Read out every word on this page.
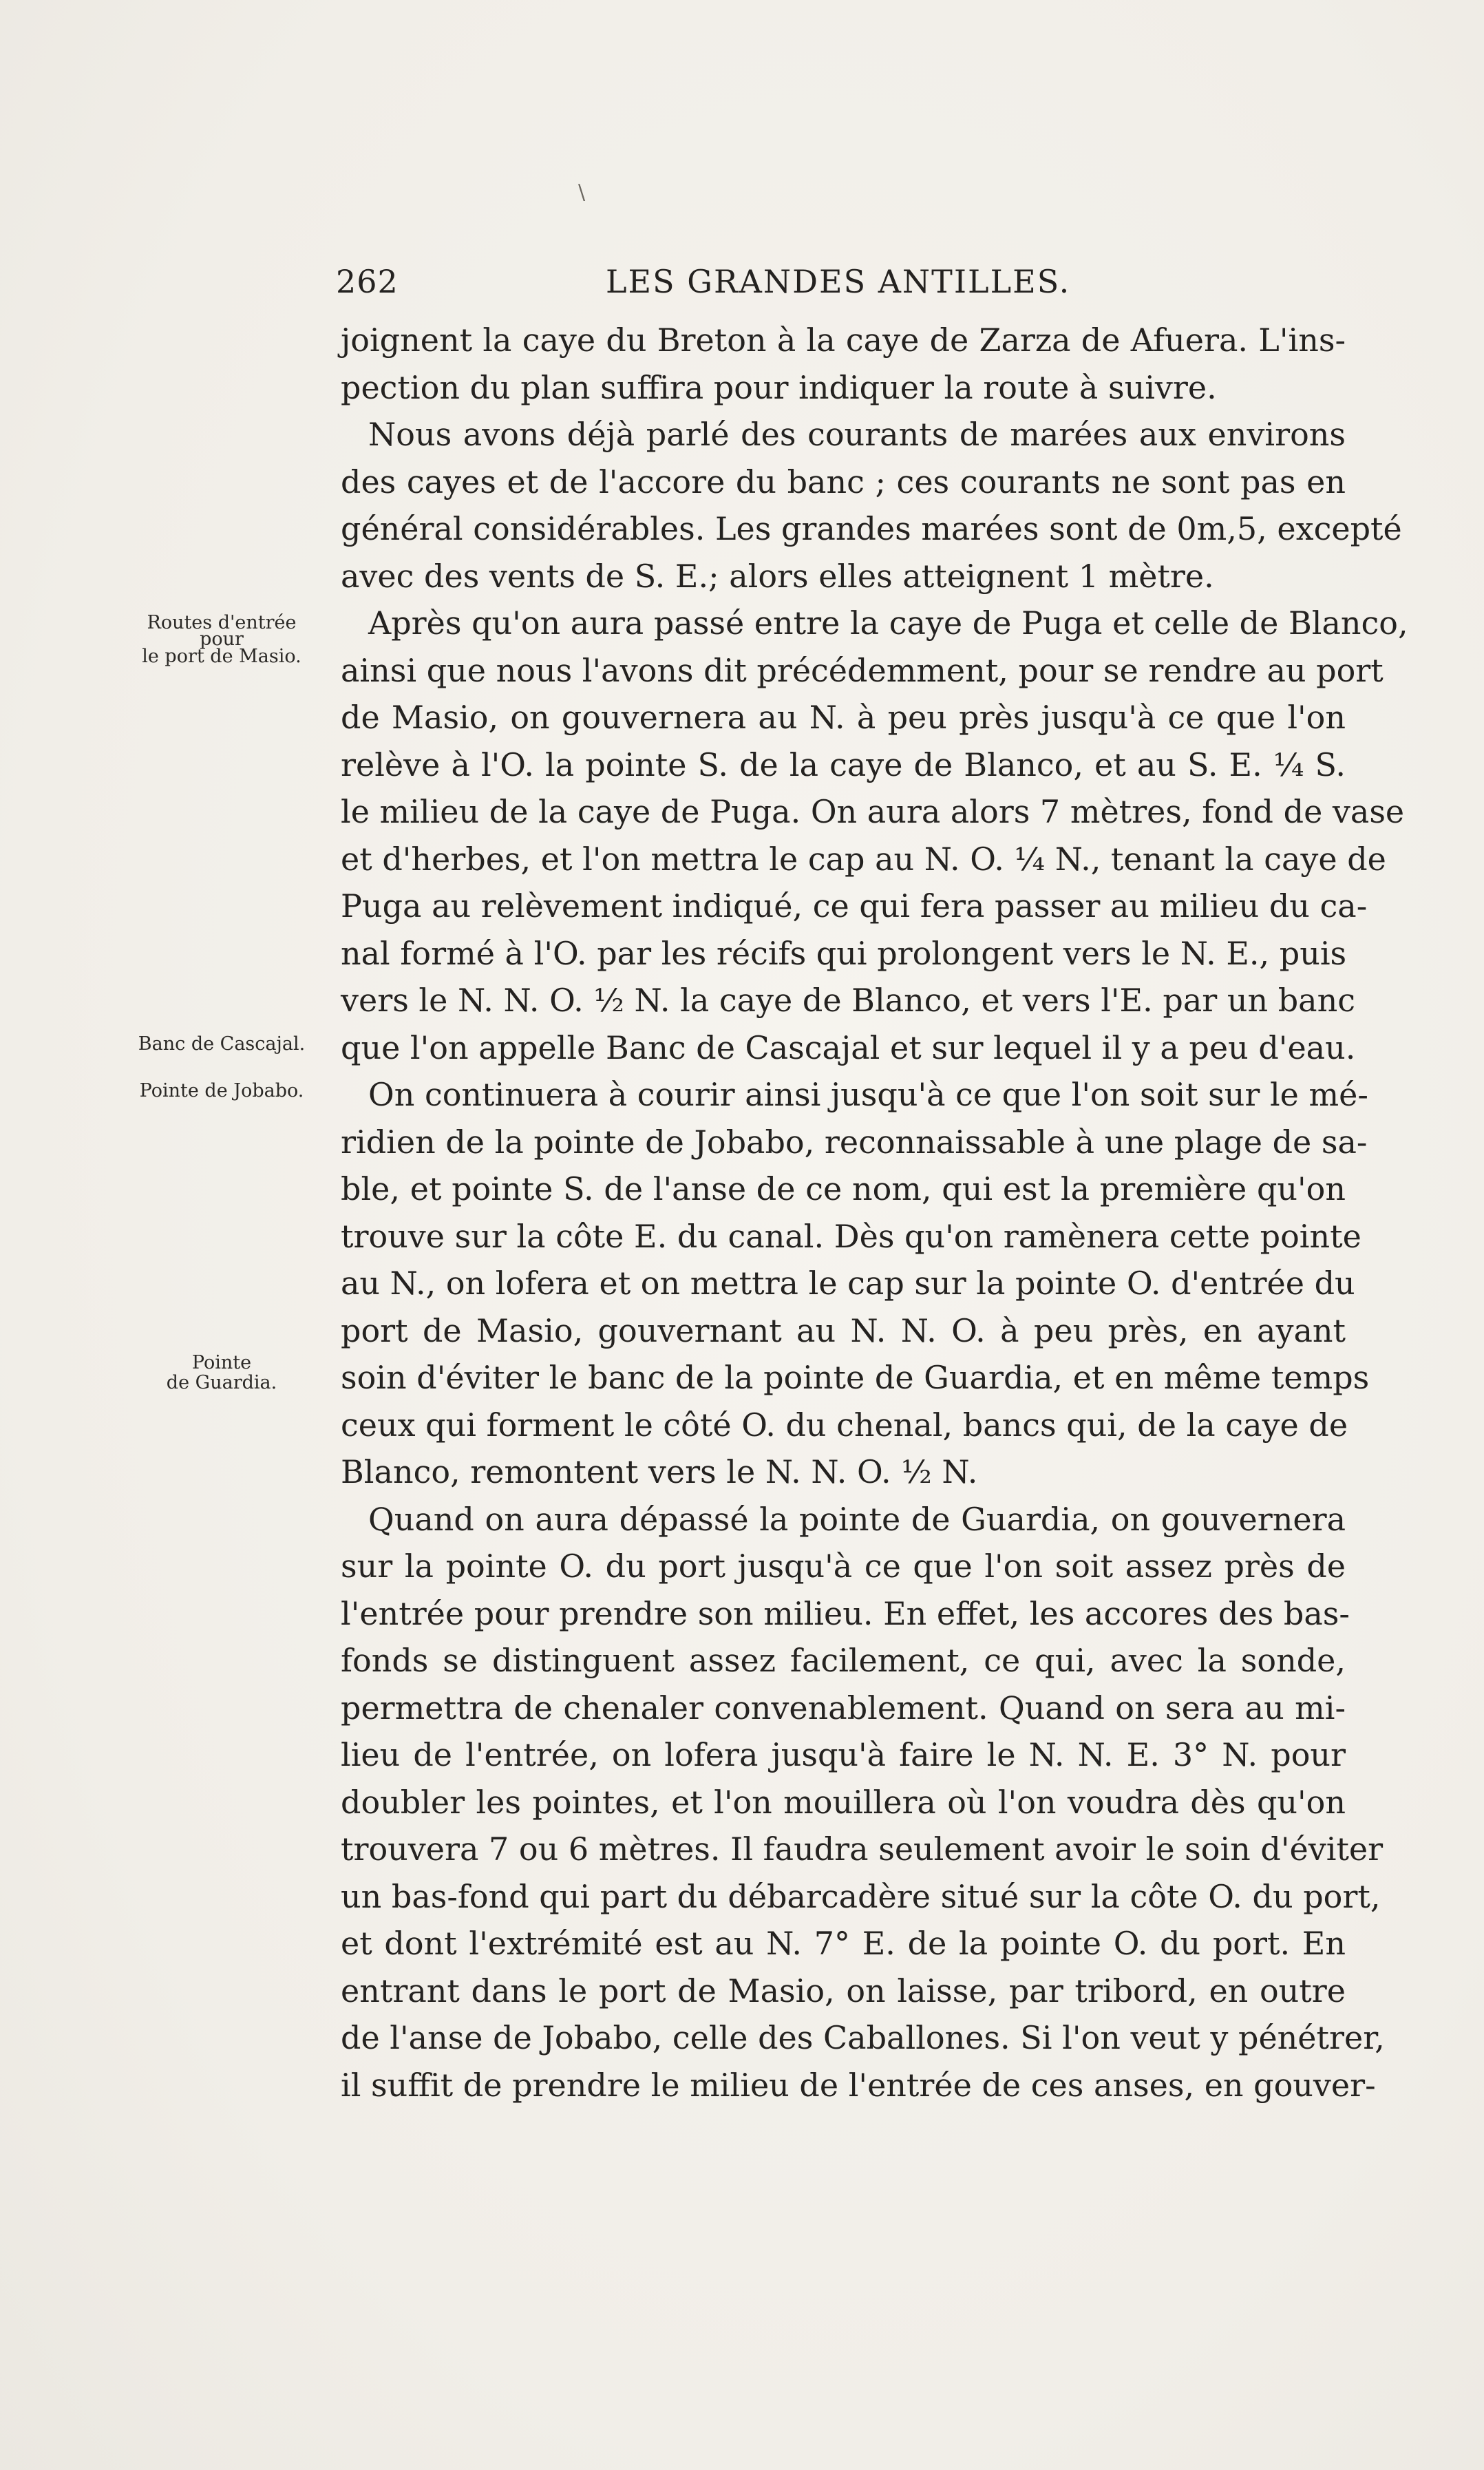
\
262	LES GRANDES ANTILLES.
Routes d'entrée
pour
le port de Masio.
Banc de Cascajal.
Pointe de Jobabo.
Pointe
de Guardia.
joignent la caye du Breton à la caye de Zarza de Afuera. L'ins-
pection du plan suffira pour indiquer la route à suivre.
Nous avons déjà parlé des courants de marées aux environs
des cayes et de l'accore du banc ; ces courants ne sont pas en
général considérables. Les grandes marées sont de 0m,5, excepté
avec des vents de S. E.; alors elles atteignent 1 mètre.
Après qu'on aura passé entre la caye de Puga et celle de Blanco,
ainsi que nous l'avons dit précédemment, pour se rendre au port
de Masio, on gouvernera au N. à peu près jusqu'à ce que l'on
relève à l'O. la pointe S. de la caye de Blanco, et au S. E. ¼ S.
le milieu de la caye de Puga. On aura alors 7 mètres, fond de vase
et d'herbes, et l'on mettra le cap au N. O. ¼ N., tenant la caye de
Puga au relèvement indiqué, ce qui fera passer au milieu du ca-
nal formé à l'O. par les récifs qui prolongent vers le N. E., puis
vers le N. N. O. ½ N. la caye de Blanco, et vers l'E. par un banc
que l'on appelle Banc de Cascajal et sur lequel il y a peu d'eau.
On continuera à courir ainsi jusqu'à ce que l'on soit sur le mé-
ridien de la pointe de Jobabo, reconnaissable à une plage de sa-
ble, et pointe S. de l'anse de ce nom, qui est la première qu'on
trouve sur la côte E. du canal. Dès qu'on ramènera cette pointe
au N., on lofera et on mettra le cap sur la pointe O. d'entrée du
port de Masio, gouvernant au N. N. O. à peu près, en ayant
soin d'éviter le banc de la pointe de Guardia, et en même temps
ceux qui forment le côté O. du chenal, bancs qui, de la caye de
Blanco, remontent vers le N. N. O. ½ N.
Quand on aura dépassé la pointe de Guardia, on gouvernera
sur la pointe O. du port jusqu'à ce que l'on soit assez près de
l'entrée pour prendre son milieu. En effet, les accores des bas-
fonds se distinguent assez facilement, ce qui, avec la sonde,
permettra de chenaler convenablement. Quand on sera au mi-
lieu de l'entrée, on lofera jusqu'à faire le N. N. E. 3° N. pour
doubler les pointes, et l'on mouillera où l'on voudra dès qu'on
trouvera 7 ou 6 mètres. Il faudra seulement avoir le soin d'éviter
un bas-fond qui part du débarcadère situé sur la côte O. du port,
et dont l'extrémité est au N. 7° E. de la pointe O. du port. En
entrant dans le port de Masio, on laisse, par tribord, en outre
de l'anse de Jobabo, celle des Caballones. Si l'on veut y pénétrer,
il suffit de prendre le milieu de l'entrée de ces anses, en gouver-
